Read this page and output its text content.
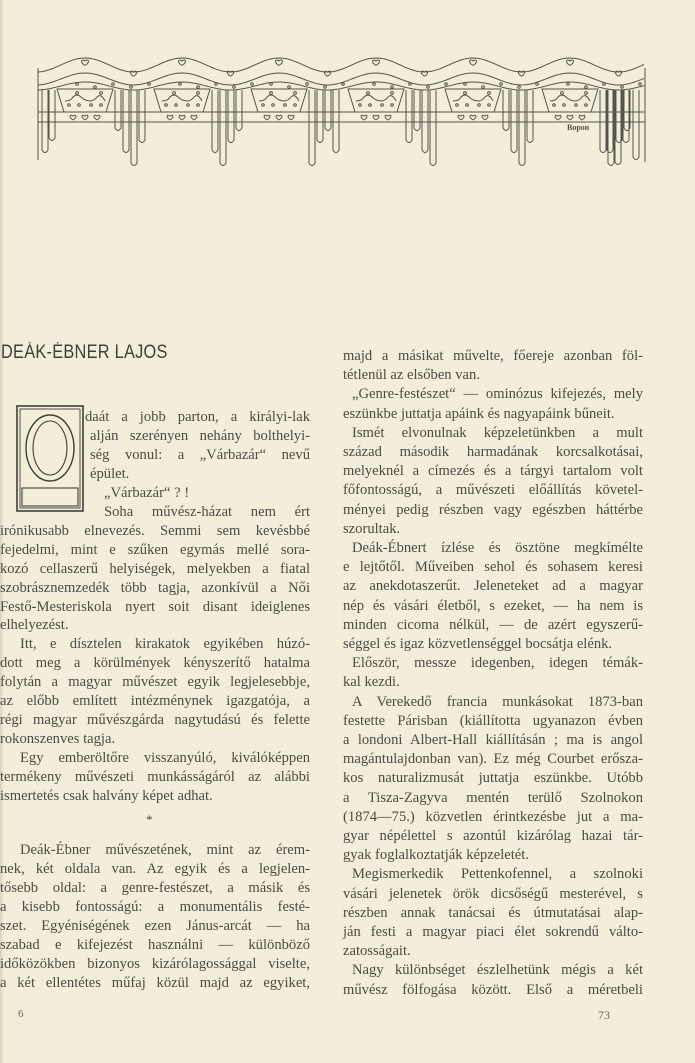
Bopon
DEÁK-ÉBNER LAJOS
O
*
6	73
daát a jobb parton, a királyi-lak
alján szerényen nehány bolthelyi-
ség vonul: a „Várbazár“ nevű
épület.
„Várbazár“ ? !
Soha művész-házat nem ért
irónikusabb elnevezés. Semmi sem kevésbbé
fejedelmi, mint e szűken egymás mellé sora-
kozó cellaszerű helyiségek, melyekben a fiatal
szobrásznemzedék több tagja, azonkívül a Női
Festő-Mesteriskola nyert soit disant ideiglenes
elhelyezést.
Itt, e dísztelen kirakatok egyikében húzó-
dott meg a körülmények kényszerítő hatalma
folytán a magyar művészet egyik legjelesebbje,
az előbb említett intézménynek igazgatója, a
régi magyar művészgárda nagytudású és felette
rokonszenves tagja.
Egy emberöltőre visszanyúló, kiválóképpen
termékeny művészeti munkásságáról az alábbi
ismertetés csak halvány képet adhat.
Deák-Ébner művészetének, mint az érem-
nek, két oldala van. Az egyik és a legjelen-
tősebb oldal: a genre-festészet, a másik és
a kisebb fontosságú: a monumentális festé-
szet. Egyéniségének ezen Jánus-arcát — ha
szabad e kifejezést használni — különböző
időközökben bizonyos kizárólagossággal viselte,
a két ellentétes műfaj közül majd az egyiket,
majd a másikat művelte, főereje azonban föl-
tétlenül az elsőben van.
„Genre-festészet“ — ominózus kifejezés, mely
eszünkbe juttatja apáink és nagyapáink bűneit.
Ismét elvonulnak képzeletünkben a mult
század második harmadának korcsalkotásai,
melyeknél a címezés és a tárgyi tartalom volt
főfontosságú, a művészeti előállítás követel-
ményei pedig részben vagy egészben háttérbe
szorultak.
Deák-Ébnert ízlése és ösztöne megkímélte
e lejtőtől. Műveiben sehol és sohasem keresi
az anekdotaszerűt. Jeleneteket ad a magyar
nép és vásári életből, s ezeket, — ha nem is
minden cicoma nélkül, — de azért egyszerű-
séggel és igaz közvetlenséggel bocsátja elénk.
Először, messze idegenben, idegen témák-
kal kezdi.
A Verekedő francia munkásokat 1873-ban
festette Párisban (kiállította ugyanazon évben
a londoni Albert-Hall kiállításán ; ma is angol
magántulajdonban van). Ez még Courbet erősza-
kos naturalizmusát juttatja eszünkbe. Utóbb
a Tisza-Zagyva mentén terülő Szolnokon
(1874—75.) közvetlen érintkezésbe jut a ma-
gyar népélettel s azontúl kizárólag hazai tár-
gyak foglalkoztatják képzeletét.
Megismerkedik Pettenkofennel, a szolnoki
vásári jelenetek örök dicsőségű mesterével, s
részben annak tanácsai és útmutatásai alap-
ján festi a magyar piaci élet sokrendű válto-
zatosságait.
Nagy különbséget észlelhetünk mégis a két
művész fölfogása között. Első a méretbeli
